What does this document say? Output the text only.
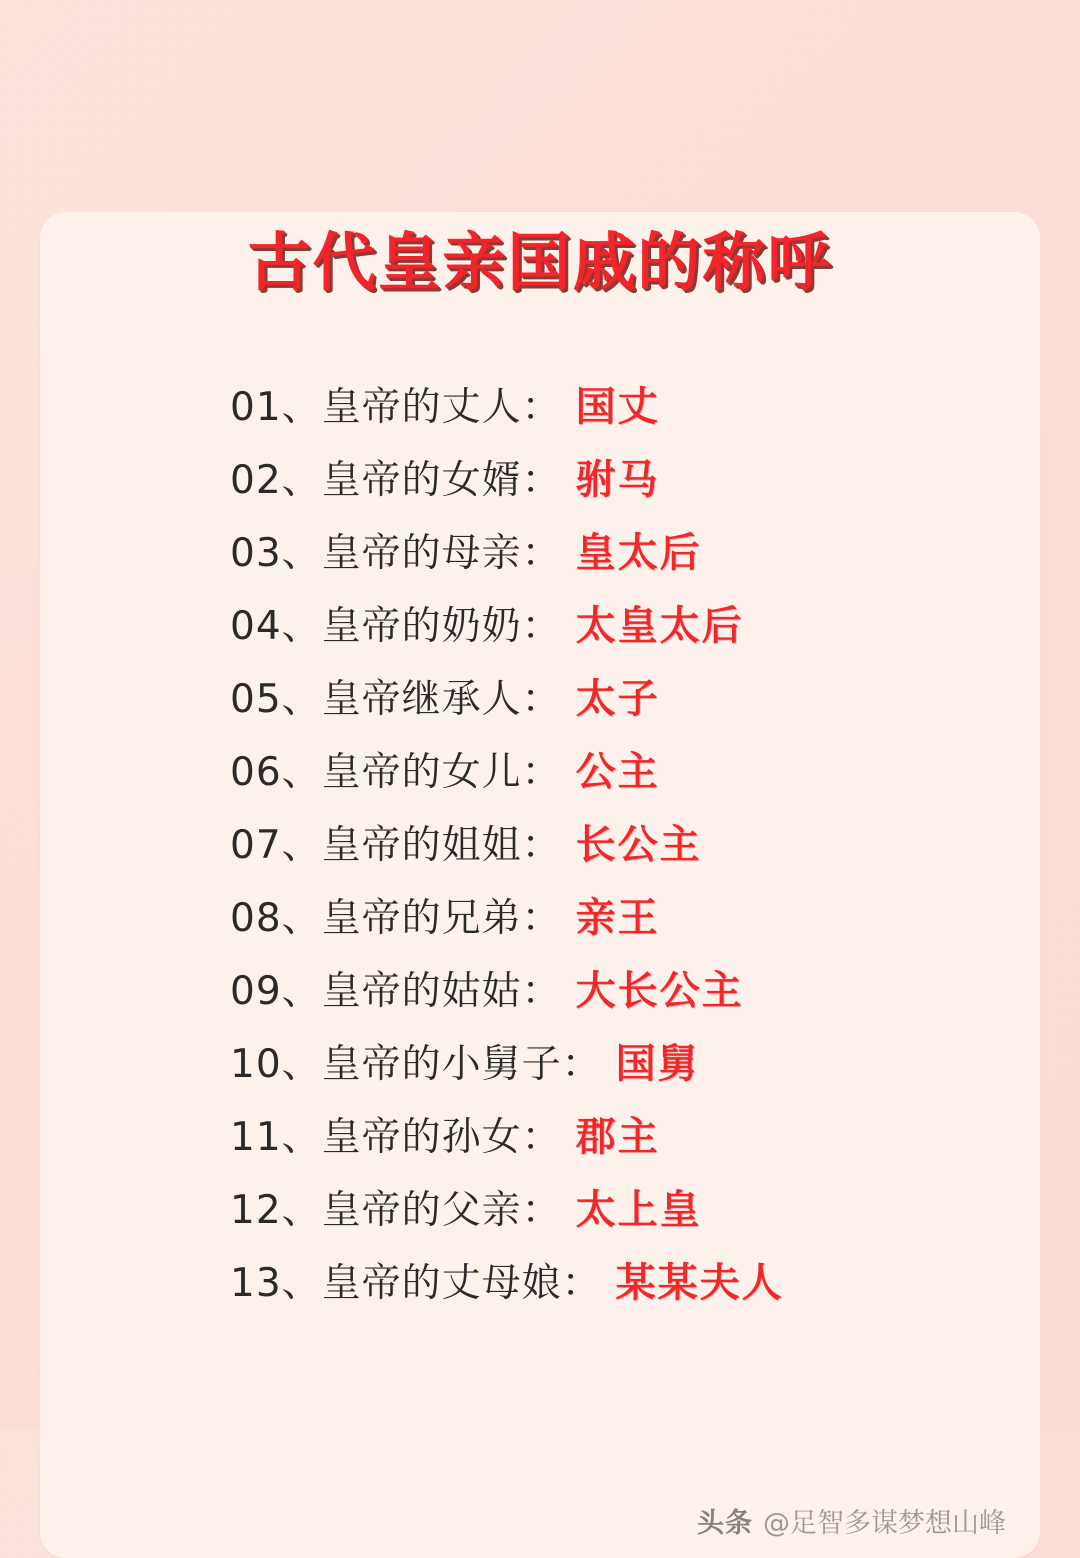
古代皇亲国戚的称呼
01、 皇帝的丈人： 国丈
02、 皇帝的女婿： 驸马
03、 皇帝的母亲： 皇太后
04、 皇帝的奶奶： 太皇太后
05、 皇帝继承人： 太子
06、 皇帝的女儿： 公主
07、 皇帝的姐姐： 长公主
08、 皇帝的兄弟： 亲王
09、 皇帝的姑姑： 大长公主
10、 皇帝的小舅子： 国舅
11、 皇帝的孙女： 郡主
12、 皇帝的父亲： 太上皇
13、 皇帝的丈母娘： 某某夫人
头条 @足智多谋梦想山峰
